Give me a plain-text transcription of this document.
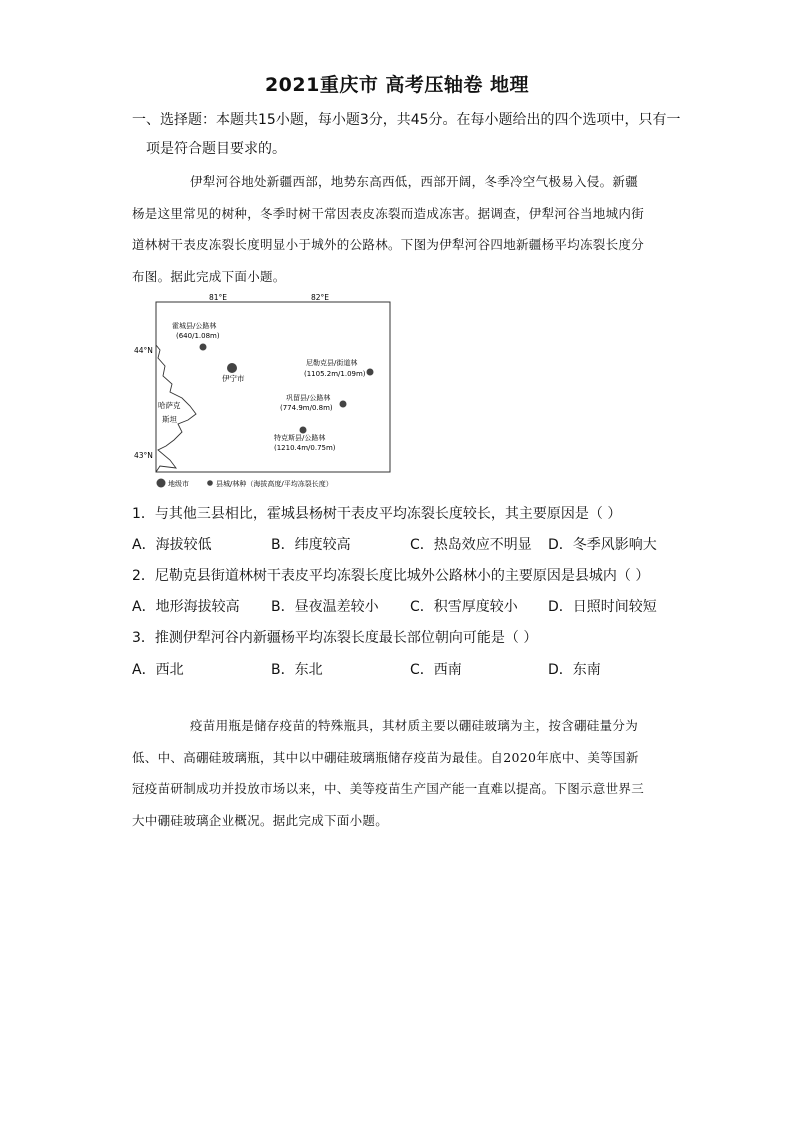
2021重庆市 高考压轴卷 地理
一、选择题：本题共15小题，每小题3分，共45分。在每小题给出的四个选项中，只有一
项是符合题目要求的。

伊犁河谷地处新疆西部，地势东高西低，西部开阔，冬季冷空气极易入侵。新疆

杨是这里常见的树种，冬季时树干常因表皮冻裂而造成冻害。据调查，伊犁河谷当地城内街

道林树干表皮冻裂长度明显小于城外的公路林。下图为伊犁河谷四地新疆杨平均冻裂长度分

布图。据此完成下面小题。

81°E	82°E
44°N
43°N
哈萨克
斯坦
霍城县/公路林
(640/1.08m)
伊宁市
尼勒克县/街道林
(1105.2m/1.09m)
巩留县/公路林
(774.9m/0.8m)
特克斯县/公路林
(1210.4m/0.75m)
地级市	县城/林种（海拔高度/平均冻裂长度）
1．与其他三县相比，霍城县杨树干表皮平均冻裂长度较长，其主要原因是（ ）
A．海拔较低	B．纬度较高	C．热岛效应不明显 D．冬季风影响大
2．尼勒克县街道林树干表皮平均冻裂长度比城外公路林小的主要原因是县城内（ ）
A．地形海拔较高 B．昼夜温差较小 C．积雪厚度较小 D．日照时间较短
3．推测伊犁河谷内新疆杨平均冻裂长度最长部位朝向可能是（ ）
A．西北	B．东北	C．西南	D．东南

疫苗用瓶是储存疫苗的特殊瓶具，其材质主要以硼硅玻璃为主，按含硼硅量分为

低、中、高硼硅玻璃瓶，其中以中硼硅玻璃瓶储存疫苗为最佳。自2020年底中、美等国新

冠疫苗研制成功并投放市场以来，中、美等疫苗生产国产能一直难以提高。下图示意世界三

大中硼硅玻璃企业概况。据此完成下面小题。
